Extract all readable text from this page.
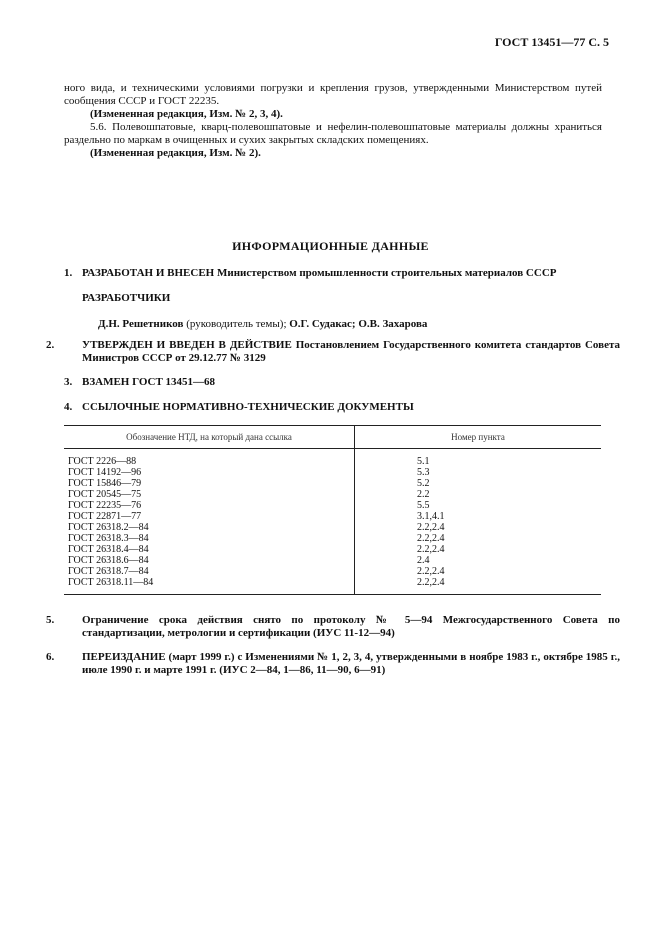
ГОСТ 13451—77 С. 5
ного вида, и техническими условиями погрузки и крепления грузов, утвержденными Министерством путей сообщения СССР и ГОСТ 22235.
(Измененная редакция, Изм. № 2, 3, 4).
5.6. Полевошпатовые, кварц-полевошпатовые и нефелин-полевошпатовые материалы должны храниться раздельно по маркам в очищенных и сухих закрытых складских помещениях.
(Измененная редакция, Изм. № 2).
ИНФОРМАЦИОННЫЕ ДАННЫЕ
1. РАЗРАБОТАН И ВНЕСЕН Министерством промышленности строительных материалов СССР
РАЗРАБОТЧИКИ
Д.Н. Решетников (руководитель темы); О.Г. Судакас; О.В. Захарова
2.	УТВЕРЖДЕН И ВВЕДЕН В ДЕЙСТВИЕ Постановлением Государственного комитета стандартов Совета Министров СССР от 29.12.77 № 3129
3. ВЗАМЕН ГОСТ 13451—68
4. ССЫЛОЧНЫЕ НОРМАТИВНО-ТЕХНИЧЕСКИЕ ДОКУМЕНТЫ
Обозначение НТД, на который дана ссылка	Номер пункта
ГОСТ 2226—88	5.1
ГОСТ 14192—96	5.3
ГОСТ 15846—79	5.2
ГОСТ 20545—75	2.2
ГОСТ 22235—76	5.5
ГОСТ 22871—77	3.1,4.1
ГОСТ 26318.2—84	2.2,2.4
ГОСТ 26318.3—84	2.2,2.4
ГОСТ 26318.4—84	2.2,2.4
ГОСТ 26318.6—84	2.4
ГОСТ 26318.7—84	2.2,2.4
ГОСТ 26318.11—84	2.2,2.4
5.	Ограничение срока действия снято по протоколу № 5—94 Межгосударственного Совета по стандартизации, метрологии и сертификации (ИУС 11-12—94)
6.	ПЕРЕИЗДАНИЕ (март 1999 г.) с Изменениями № 1, 2, 3, 4, утвержденными в ноябре 1983 г., октябре 1985 г., июле 1990 г. и марте 1991 г. (ИУС 2—84, 1—86, 11—90, 6—91)
